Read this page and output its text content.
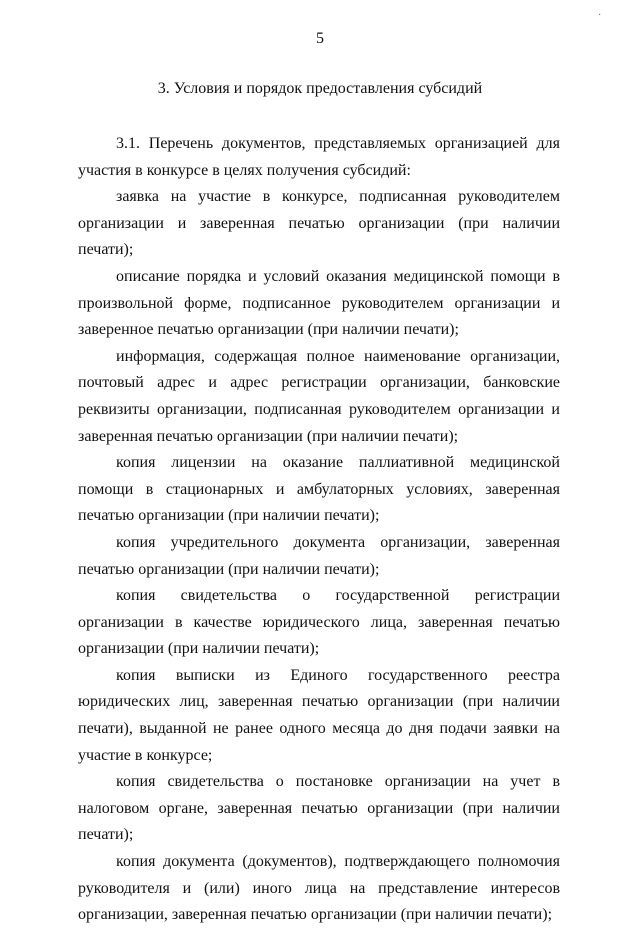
·
5
3. Условия и порядок предоставления субсидий

3.1. Перечень документов, представляемых организацией для участия в конкурсе в целях получения субсидий:

заявка на участие в конкурсе, подписанная руководителем организации и заверенная печатью организации (при наличии печати);

описание порядка и условий оказания медицинской помощи в произвольной форме, подписанное руководителем организации и заверенное печатью организации (при наличии печати);

информация, содержащая полное наименование организации, почтовый адрес и адрес регистрации организации, банковские реквизиты организации, подписанная руководителем организации и заверенная печатью организации (при наличии печати);

копия лицензии на оказание паллиативной медицинской помощи в стационарных и амбулаторных условиях, заверенная печатью организации (при наличии печати);

копия учредительного документа организации, заверенная печатью организации (при наличии печати);

копия свидетельства о государственной регистрации организации в качестве юридического лица, заверенная печатью организации (при наличии печати);

копия выписки из Единого государственного реестра юридических лиц, заверенная печатью организации (при наличии печати), выданной не ранее одного месяца до дня подачи заявки на участие в конкурсе;

копия свидетельства о постановке организации на учет в налоговом органе, заверенная печатью организации (при наличии печати);

копия документа (документов), подтверждающего полномочия руководителя и (или) иного лица на представление интересов организации, заверенная печатью организации (при наличии печати);
